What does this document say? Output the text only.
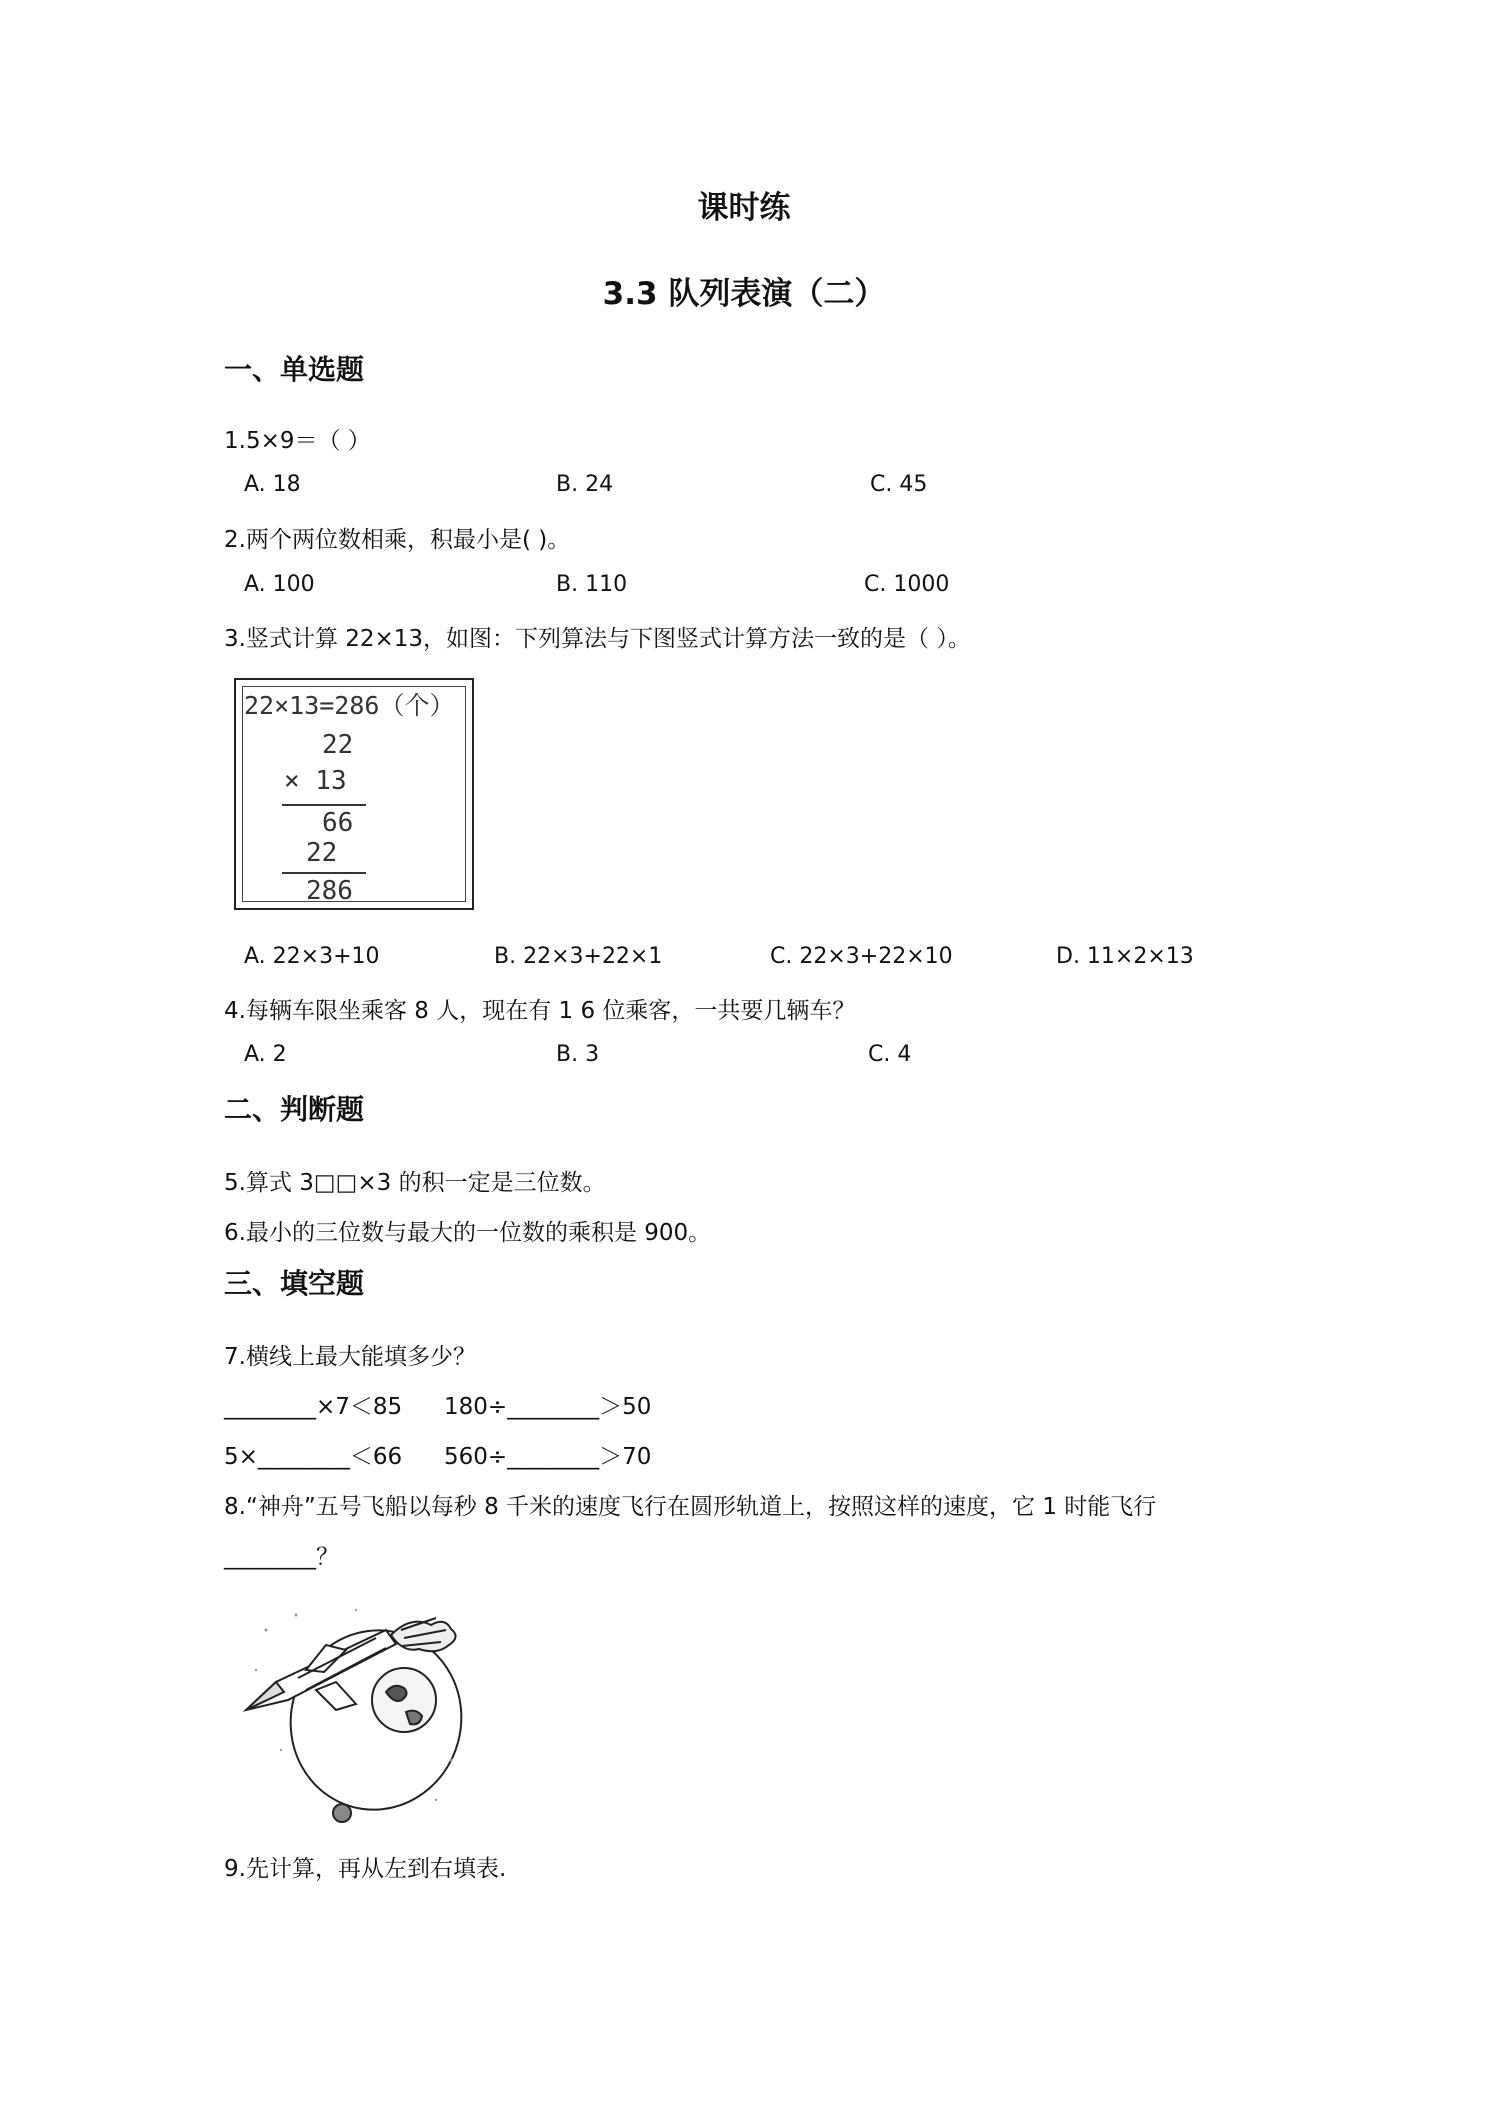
课时练
3.3 队列表演（二）
一、单选题
1.5×9＝（ ）
A. 18	B. 24	C. 45
2.两个两位数相乘，积最小是( )。
A. 100	B. 110	C. 1000
3.竖式计算 22×13，如图：下列算法与下图竖式计算方法一致的是（ ）。
22×13=286（个）
22
× 13
66
22
286
A. 22×3+10	B. 22×3+22×1	C. 22×3+22×10	D. 11×2×13
4.每辆车限坐乘客 8 人，现在有 1 6 位乘客，一共要几辆车？
A. 2	B. 3	C. 4
二、判断题
5.算式 3□□×3 的积一定是三位数。
6.最小的三位数与最大的一位数的乘积是 900。
三、填空题
7.横线上最大能填多少？
________×7＜85 180÷________＞50
5×________＜66 560÷________＞70
8.“神舟”五号飞船以每秒 8 千米的速度飞行在圆形轨道上，按照这样的速度，它 1 时能飞行
________？
9.先计算，再从左到右填表.
